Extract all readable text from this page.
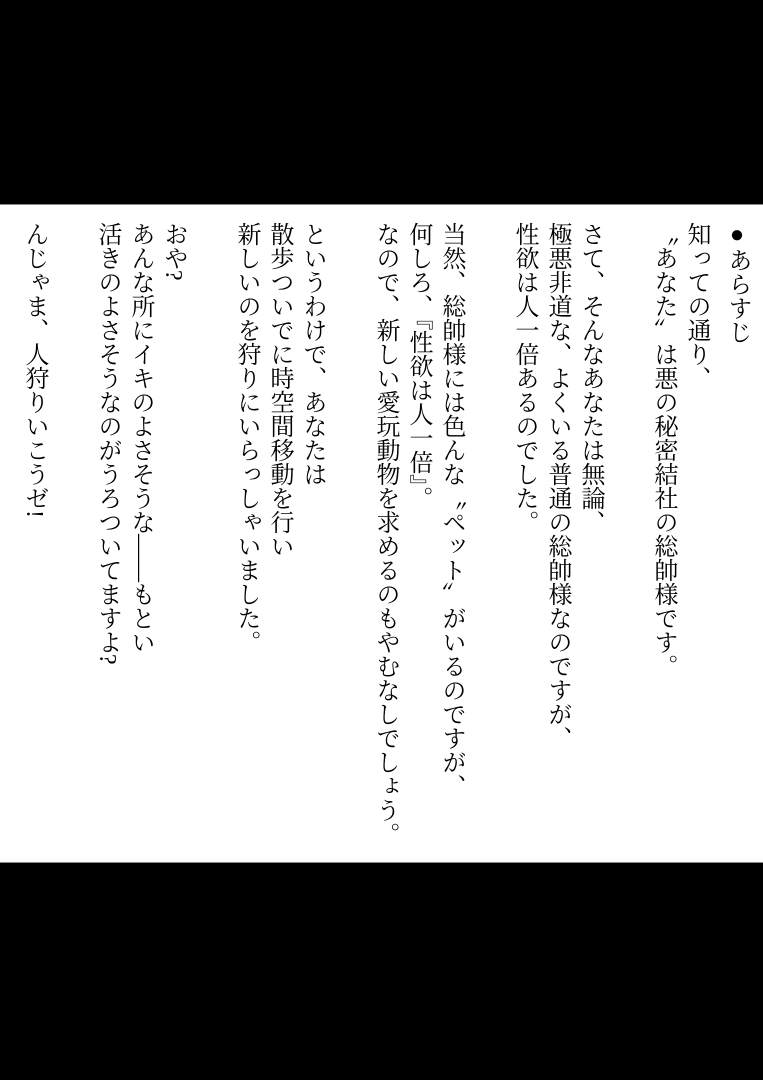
●あらすじ
知っての通り、
〝あなた〟は悪の秘密結社の総帥様です。
さて、そんなあなたは無論、
極悪非道な、よくいる普通の総帥様なのですが、
性欲は人一倍あるのでした。
当然、総帥様には色んな〝ペット〟がいるのですが、
何しろ、『性欲は人一倍』。
なので、新しい愛玩動物を求めるのもやむなしでしょう。
というわけで、あなたは
散歩ついでに時空間移動を行い
新しいのを狩りにいらっしゃいました。
おや?
あんな所にイキのよさそうな――もとい
活きのよさそうなのがうろついてますよ?
んじゃま、人狩りいこうゼ!
